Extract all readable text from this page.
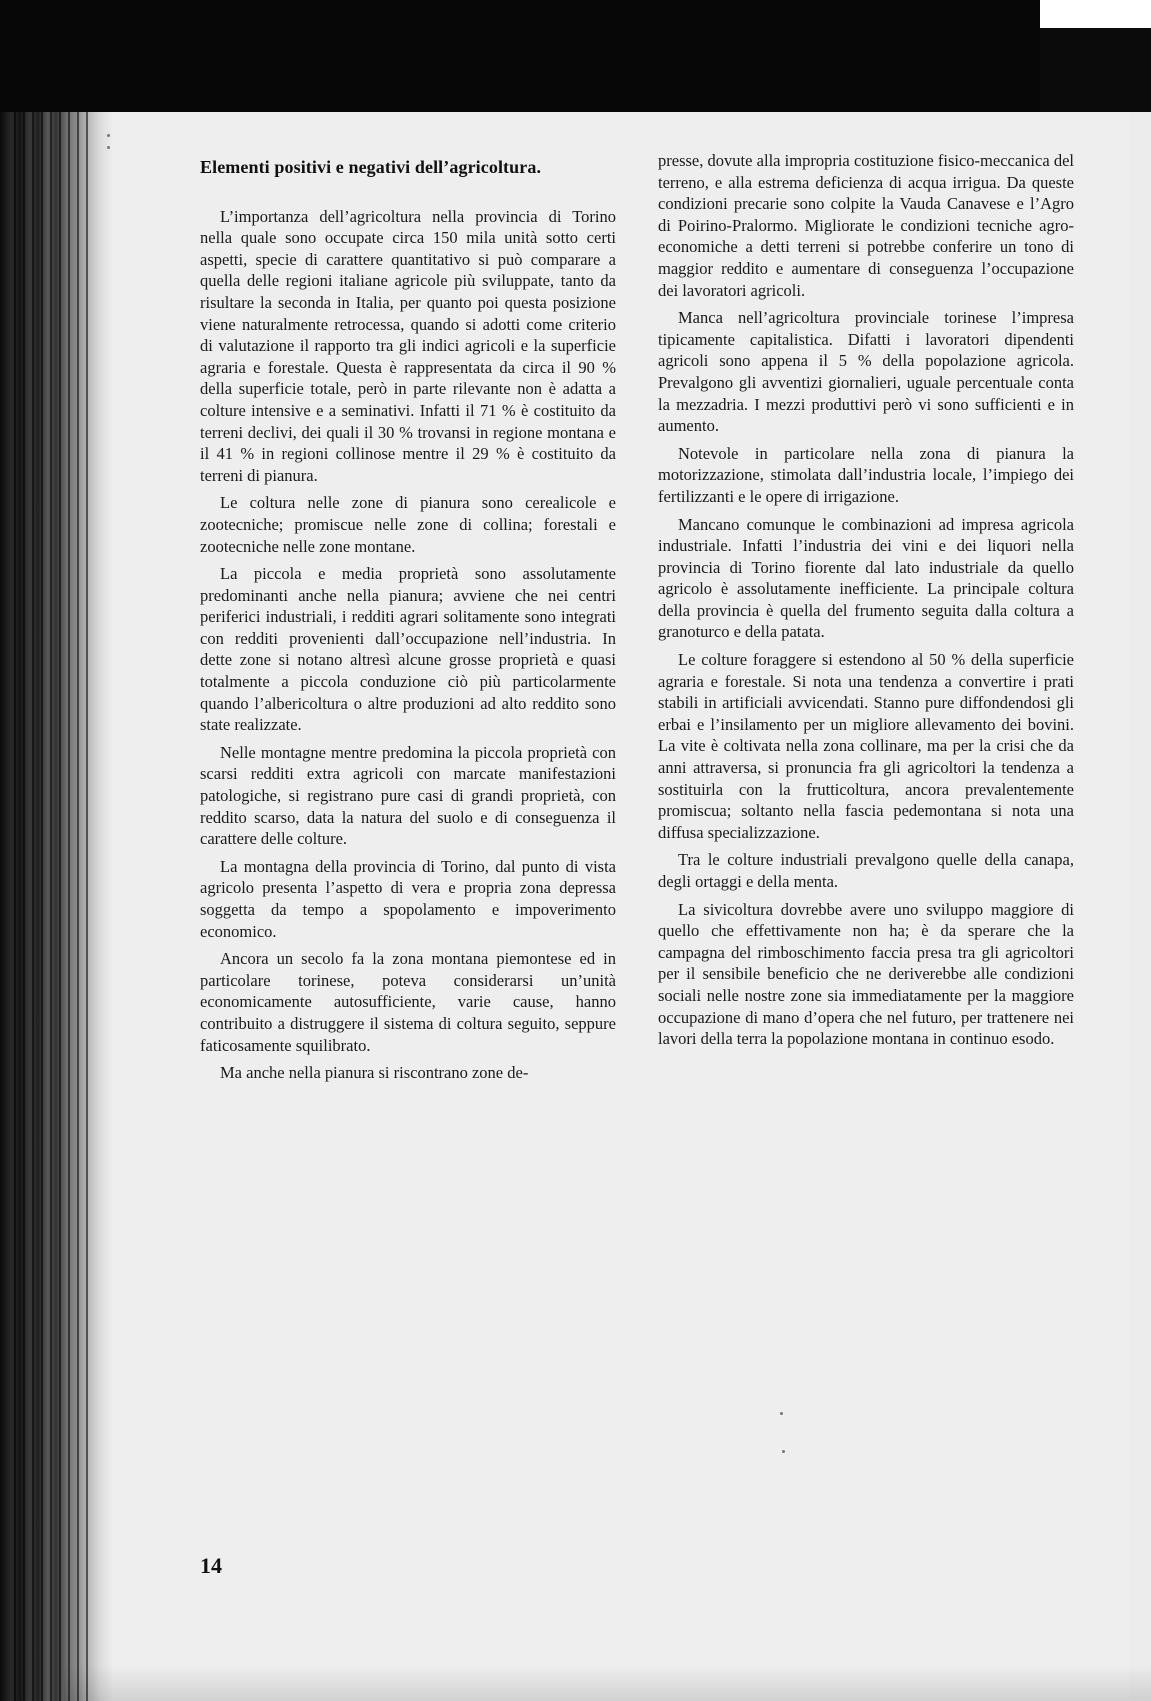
Elementi positivi e negativi dell’agricoltura.

L’importanza dell’agricoltura nella provincia di Torino nella quale sono occupate circa 150 mila unità sotto certi aspetti, specie di carattere quantitativo si può comparare a quella delle regioni italiane agricole più sviluppate, tanto da risultare la seconda in Italia, per quanto poi questa posizione viene naturalmente retrocessa, quando si adotti come criterio di valutazione il rapporto tra gli indici agricoli e la superficie agraria e forestale. Questa è rappresentata da circa il 90 % della superficie totale, però in parte rilevante non è adatta a colture intensive e a seminativi. Infatti il 71 % è costituito da terreni declivi, dei quali il 30 % trovansi in regione montana e il 41 % in regioni collinose mentre il 29 % è costituito da terreni di pianura.

Le coltura nelle zone di pianura sono cerealicole e zootecniche; promiscue nelle zone di collina; forestali e zootecniche nelle zone montane.

La piccola e media proprietà sono assolutamente predominanti anche nella pianura; avviene che nei centri periferici industriali, i redditi agrari solitamente sono integrati con redditi provenienti dall’occupazione nell’industria. In dette zone si notano altresì alcune grosse proprietà e quasi totalmente a piccola conduzione ciò più particolarmente quando l’albericoltura o altre produzioni ad alto reddito sono state realizzate.

Nelle montagne mentre predomina la piccola proprietà con scarsi redditi extra agricoli con marcate manifestazioni patologiche, si registrano pure casi di grandi proprietà, con reddito scarso, data la natura del suolo e di conseguenza il carattere delle colture.

La montagna della provincia di Torino, dal punto di vista agricolo presenta l’aspetto di vera e propria zona depressa soggetta da tempo a spopolamento e impoverimento economico.

Ancora un secolo fa la zona montana piemontese ed in particolare torinese, poteva considerarsi un’unità economicamente autosufficiente, varie cause, hanno contribuito a distruggere il sistema di coltura seguito, seppure faticosamente squilibrato.

Ma anche nella pianura si riscontrano zone de-

presse, dovute alla impropria costituzione fisico-meccanica del terreno, e alla estrema deficienza di acqua irrigua. Da queste condizioni precarie sono colpite la Vauda Canavese e l’Agro di Poirino-Pralormo. Migliorate le condizioni tecniche agro-economiche a detti terreni si potrebbe conferire un tono di maggior reddito e aumentare di conseguenza l’occupazione dei lavoratori agricoli.

Manca nell’agricoltura provinciale torinese l’impresa tipicamente capitalistica. Difatti i lavoratori dipendenti agricoli sono appena il 5 % della popolazione agricola. Prevalgono gli avventizi giornalieri, uguale percentuale conta la mezzadria. I mezzi produttivi però vi sono sufficienti e in aumento.

Notevole in particolare nella zona di pianura la motorizzazione, stimolata dall’industria locale, l’impiego dei fertilizzanti e le opere di irrigazione.

Mancano comunque le combinazioni ad impresa agricola industriale. Infatti l’industria dei vini e dei liquori nella provincia di Torino fiorente dal lato industriale da quello agricolo è assolutamente inefficiente. La principale coltura della provincia è quella del frumento seguita dalla coltura a granoturco e della patata.

Le colture foraggere si estendono al 50 % della superficie agraria e forestale. Si nota una tendenza a convertire i prati stabili in artificiali avvicendati. Stanno pure diffondendosi gli erbai e l’insilamento per un migliore allevamento dei bovini. La vite è coltivata nella zona collinare, ma per la crisi che da anni attraversa, si pronuncia fra gli agricoltori la tendenza a sostituirla con la frutticoltura, ancora prevalentemente promiscua; soltanto nella fascia pedemontana si nota una diffusa specializzazione.

Tra le colture industriali prevalgono quelle della canapa, degli ortaggi e della menta.

La sivicoltura dovrebbe avere uno sviluppo maggiore di quello che effettivamente non ha; è da sperare che la campagna del rimboschimento faccia presa tra gli agricoltori per il sensibile beneficio che ne deriverebbe alle condizioni sociali nelle nostre zone sia immediatamente per la maggiore occupazione di mano d’opera che nel futuro, per trattenere nei lavori della terra la popolazione montana in continuo esodo.

14
